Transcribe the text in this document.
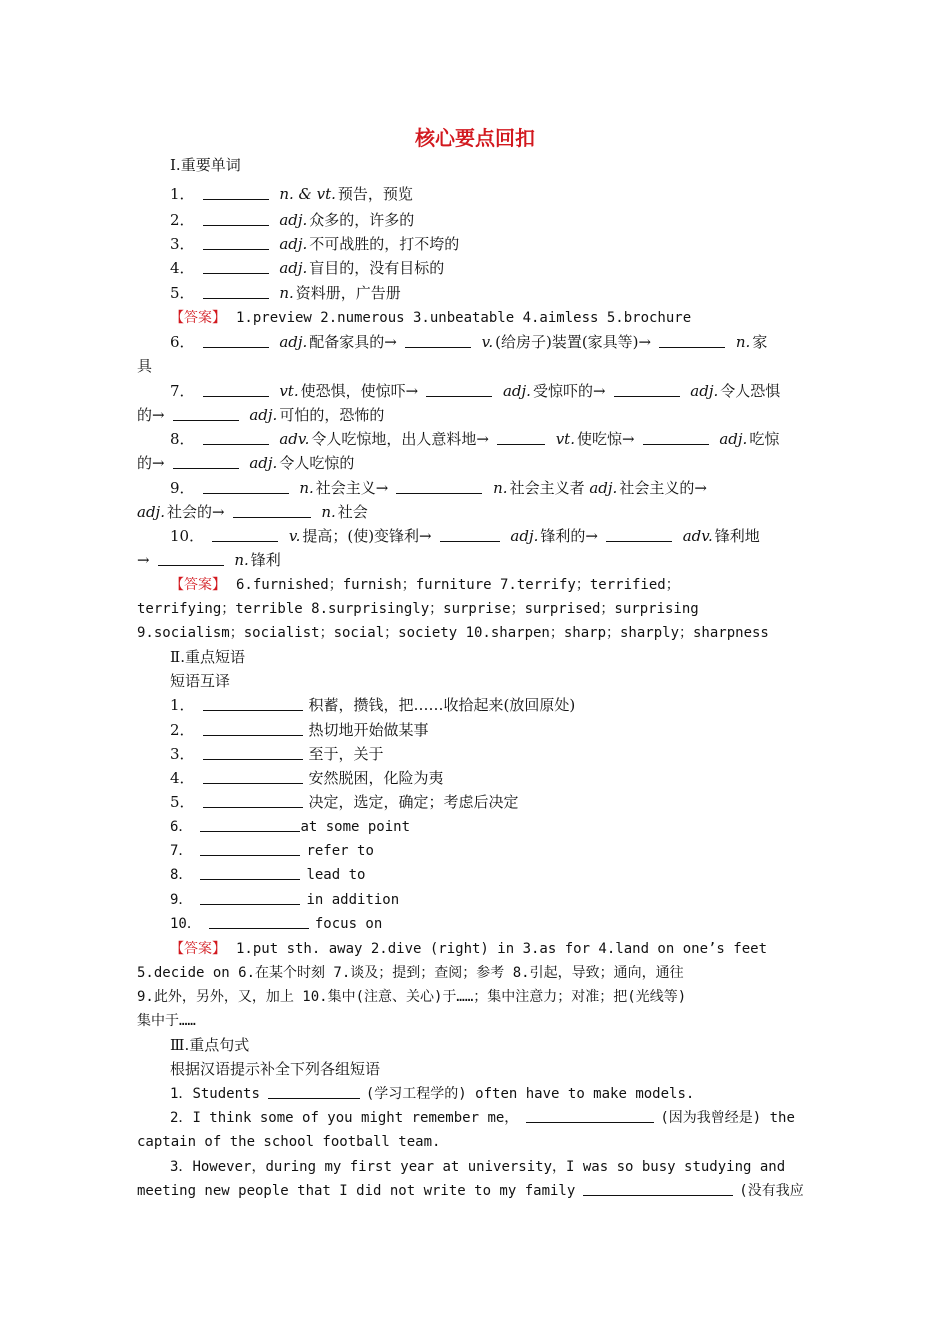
核心要点回扣
Ⅰ.重要单词
1．	n. & vt. 预告，预览
2．	adj. 众多的，许多的
3．	adj. 不可战胜的，打不垮的
4．	adj. 盲目的，没有目标的
5．	n. 资料册，广告册
【答案】 1.preview 2.numerous 3.unbeatable 4.aimless 5.brochure
6．	adj. 配备家具的→	v. (给房子)装置(家具等)→	n. 家
具
7．	vt. 使恐惧，使惊吓→	adj. 受惊吓的→	adj. 令人恐惧
的→	adj. 可怕的，恐怖的
8．	adv. 令人吃惊地，出人意料地→	vt. 使吃惊→	adj. 吃惊
的→	adj. 令人吃惊的
9．	n. 社会主义→	n. 社会主义者 adj. 社会主义的→
adj. 社会的→	n. 社会
10．	v. 提高；(使)变锋利→	adj. 锋利的→	adv. 锋利地
→	n. 锋利
【答案】 6.furnished；furnish；furniture 7.terrify；terrified；
terrifying；terrible 8.surprisingly；surprise；surprised；surprising
9.socialism；socialist；social；society 10.sharpen；sharp；sharply；sharpness
Ⅱ.重点短语
短语互译
1．	积蓄，攒钱，把……收拾起来(放回原处)
2．	热切地开始做某事
3．	至于，关于
4．	安然脱困，化险为夷
5．	决定，选定，确定；考虑后决定
6．	at some point
7．	refer to
8．	lead to
9．	in addition
10．	focus on
【答案】 1.put sth. away 2.dive (right) in 3.as for 4.land on one’s feet
5.decide on 6.在某个时刻 7.谈及；提到；查阅；参考 8.引起，导致；通向，通往
9.此外，另外，又，加上 10.集中(注意、关心)于……；集中注意力；对准；把(光线等)
集中于……
Ⅲ.重点句式
根据汉语提示补全下列各组短语
1．Students	(学习工程学的) often have to make models.
2．I think some of you might remember me，	(因为我曾经是) the
captain of the school football team.
3．However，during my first year at university，I was so busy studying and
meeting new people that I did not write to my family	(没有我应
